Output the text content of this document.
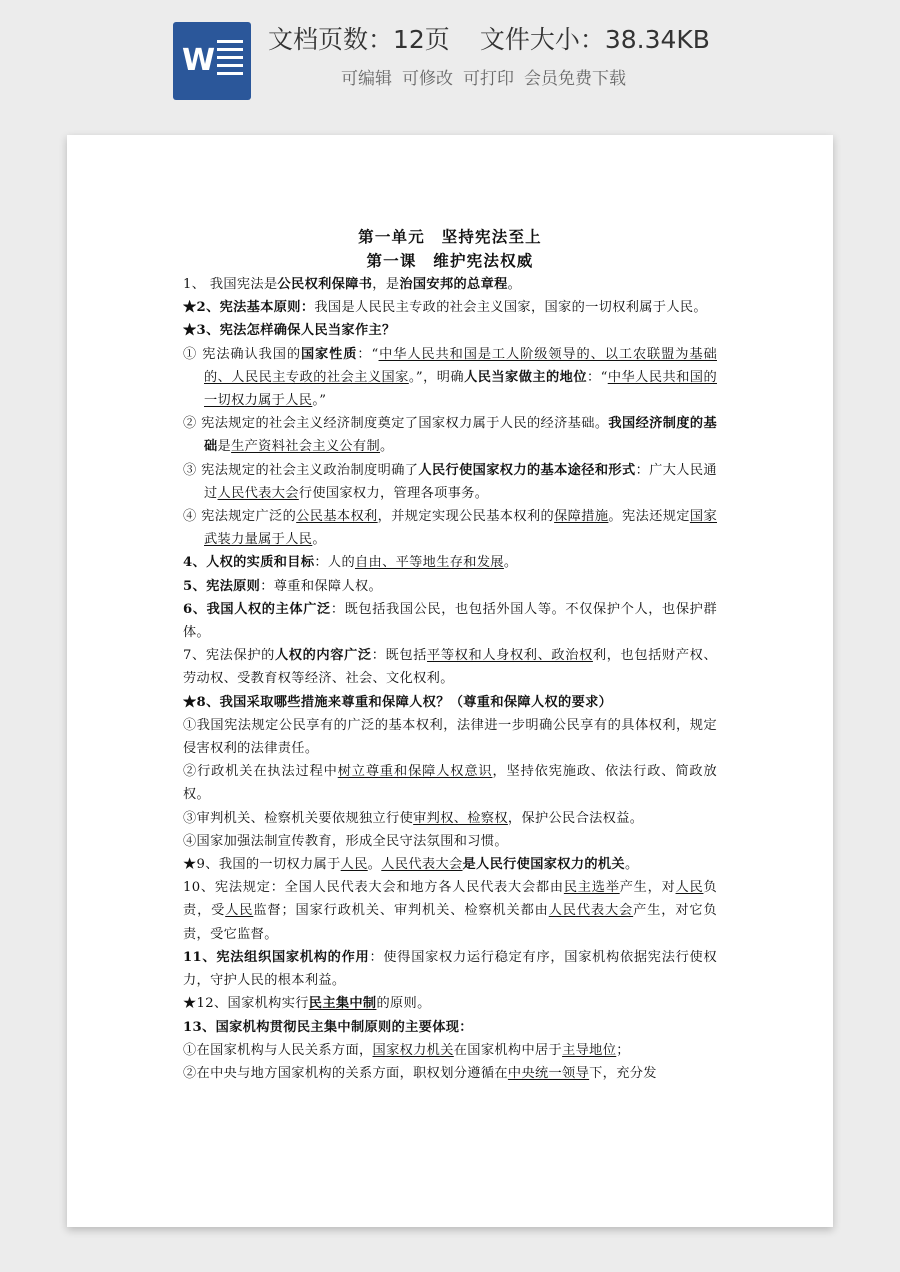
W
文档页数：12页 文件大小：38.34KB
可编辑 可修改 可打印 会员免费下载

第一单元　坚持宪法至上

第一课　维护宪法权威

1、 我国宪法是公民权利保障书，是治国安邦的总章程。

★2、宪法基本原则：我国是人民民主专政的社会主义国家，国家的一切权利属于人民。

★3、宪法怎样确保人民当家作主？

① 宪法确认我国的国家性质：“中华人民共和国是工人阶级领导的、以工农联盟为基础的、人民民主专政的社会主义国家。”，明确人民当家做主的地位：“中华人民共和国的一切权力属于人民。”

② 宪法规定的社会主义经济制度奠定了国家权力属于人民的经济基础。我国经济制度的基础是生产资料社会主义公有制。

③ 宪法规定的社会主义政治制度明确了人民行使国家权力的基本途径和形式：广大人民通过人民代表大会行使国家权力，管理各项事务。

④ 宪法规定广泛的公民基本权利，并规定实现公民基本权利的保障措施。宪法还规定国家武装力量属于人民。

4、人权的实质和目标：人的自由、平等地生存和发展。

5、宪法原则：尊重和保障人权。

6、我国人权的主体广泛：既包括我国公民，也包括外国人等。不仅保护个人，也保护群体。

7、宪法保护的人权的内容广泛：既包括平等权和人身权利、政治权利，也包括财产权、劳动权、受教育权等经济、社会、文化权利。

★8、我国采取哪些措施来尊重和保障人权？（尊重和保障人权的要求）

①我国宪法规定公民享有的广泛的基本权利，法律进一步明确公民享有的具体权利，规定侵害权利的法律责任。

②行政机关在执法过程中树立尊重和保障人权意识，坚持依宪施政、依法行政、简政放权。

③审判机关、检察机关要依规独立行使审判权、检察权，保护公民合法权益。

④国家加强法制宣传教育，形成全民守法氛围和习惯。

★9、我国的一切权力属于人民。人民代表大会是人民行使国家权力的机关。

10、宪法规定：全国人民代表大会和地方各人民代表大会都由民主选举产生，对人民负责，受人民监督；国家行政机关、审判机关、检察机关都由人民代表大会产生，对它负责，受它监督。

11、宪法组织国家机构的作用：使得国家权力运行稳定有序，国家机构依据宪法行使权力，守护人民的根本利益。

★12、国家机构实行民主集中制的原则。

13、国家机构贯彻民主集中制原则的主要体现：

①在国家机构与人民关系方面，国家权力机关在国家机构中居于主导地位；

②在中央与地方国家机构的关系方面，职权划分遵循在中央统一领导下，充分发
